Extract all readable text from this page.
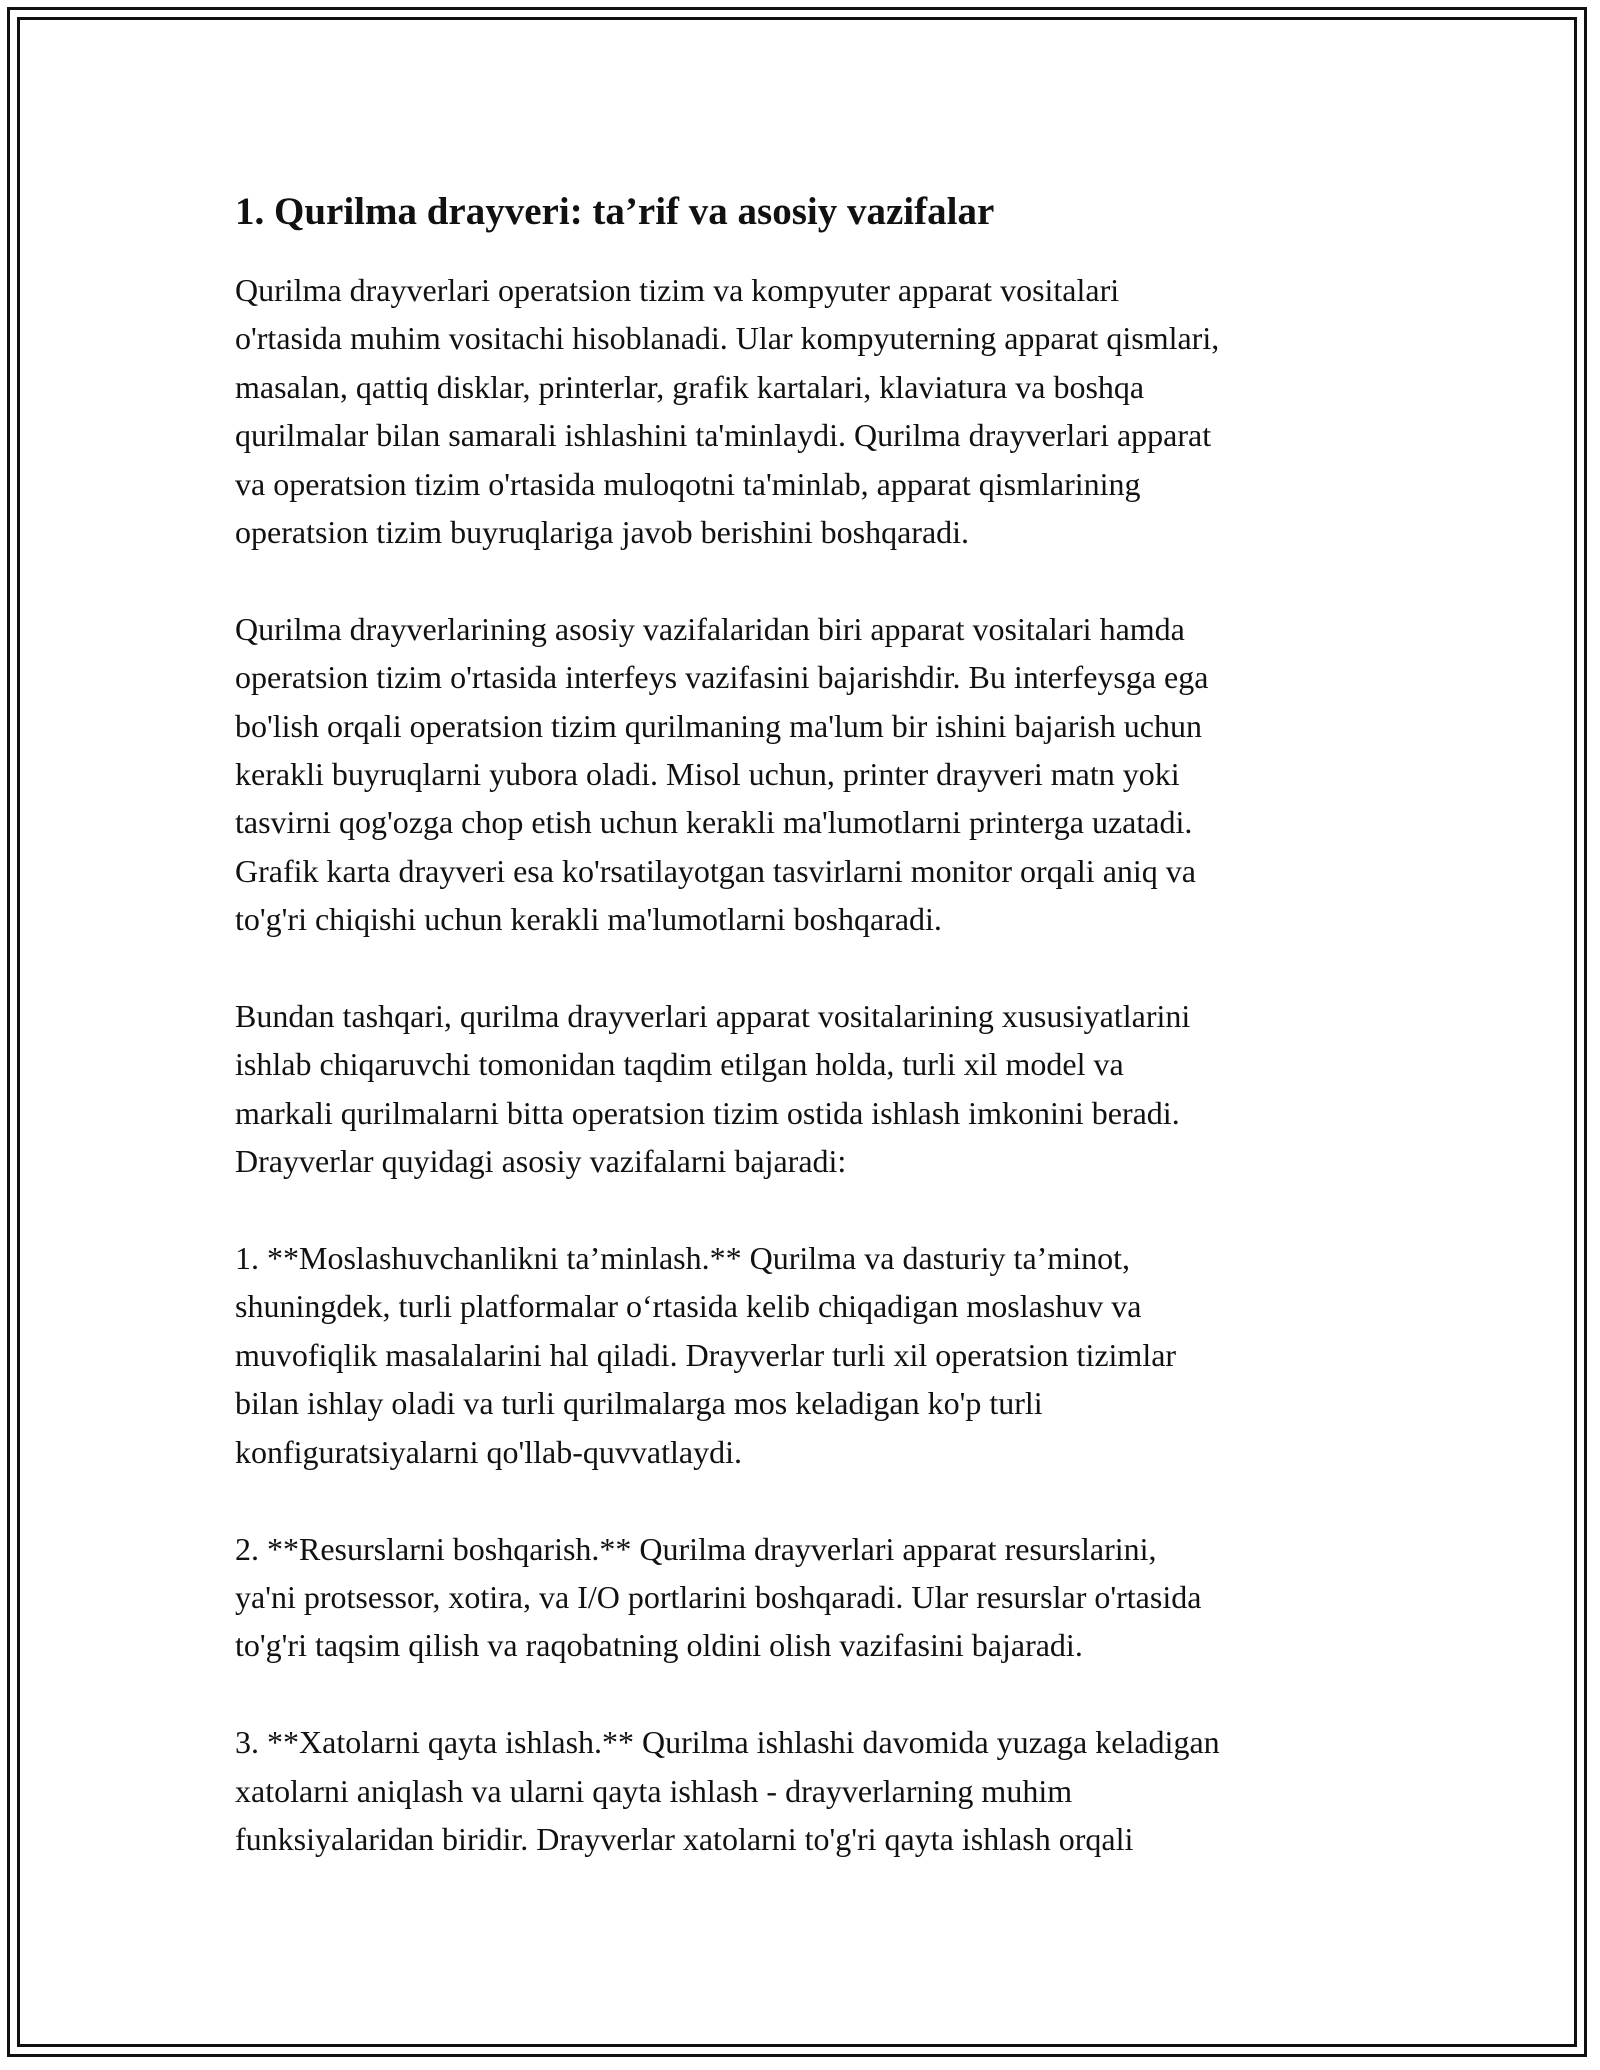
1. Qurilma drayveri: ta’rif va asosiy vazifalar

Qurilma drayverlari operatsion tizim va kompyuter apparat vositalari
o'rtasida muhim vositachi hisoblanadi. Ular kompyuterning apparat qismlari,
masalan, qattiq disklar, printerlar, grafik kartalari, klaviatura va boshqa
qurilmalar bilan samarali ishlashini ta'minlaydi. Qurilma drayverlari apparat
va operatsion tizim o'rtasida muloqotni ta'minlab, apparat qismlarining
operatsion tizim buyruqlariga javob berishini boshqaradi.

Qurilma drayverlarining asosiy vazifalaridan biri apparat vositalari hamda
operatsion tizim o'rtasida interfeys vazifasini bajarishdir. Bu interfeysga ega
bo'lish orqali operatsion tizim qurilmaning ma'lum bir ishini bajarish uchun
kerakli buyruqlarni yubora oladi. Misol uchun, printer drayveri matn yoki
tasvirni qog'ozga chop etish uchun kerakli ma'lumotlarni printerga uzatadi.
Grafik karta drayveri esa ko'rsatilayotgan tasvirlarni monitor orqali aniq va
to'g'ri chiqishi uchun kerakli ma'lumotlarni boshqaradi.

Bundan tashqari, qurilma drayverlari apparat vositalarining xususiyatlarini
ishlab chiqaruvchi tomonidan taqdim etilgan holda, turli xil model va
markali qurilmalarni bitta operatsion tizim ostida ishlash imkonini beradi.
Drayverlar quyidagi asosiy vazifalarni bajaradi:

1. **Moslashuvchanlikni ta’minlash.** Qurilma va dasturiy ta’minot,
shuningdek, turli platformalar o‘rtasida kelib chiqadigan moslashuv va
muvofiqlik masalalarini hal qiladi. Drayverlar turli xil operatsion tizimlar
bilan ishlay oladi va turli qurilmalarga mos keladigan ko'p turli
konfiguratsiyalarni qo'llab-quvvatlaydi.

2. **Resurslarni boshqarish.** Qurilma drayverlari apparat resurslarini,
ya'ni protsessor, xotira, va I/O portlarini boshqaradi. Ular resurslar o'rtasida
to'g'ri taqsim qilish va raqobatning oldini olish vazifasini bajaradi.

3. **Xatolarni qayta ishlash.** Qurilma ishlashi davomida yuzaga keladigan
xatolarni aniqlash va ularni qayta ishlash - drayverlarning muhim
funksiyalaridan biridir. Drayverlar xatolarni to'g'ri qayta ishlash orqali
